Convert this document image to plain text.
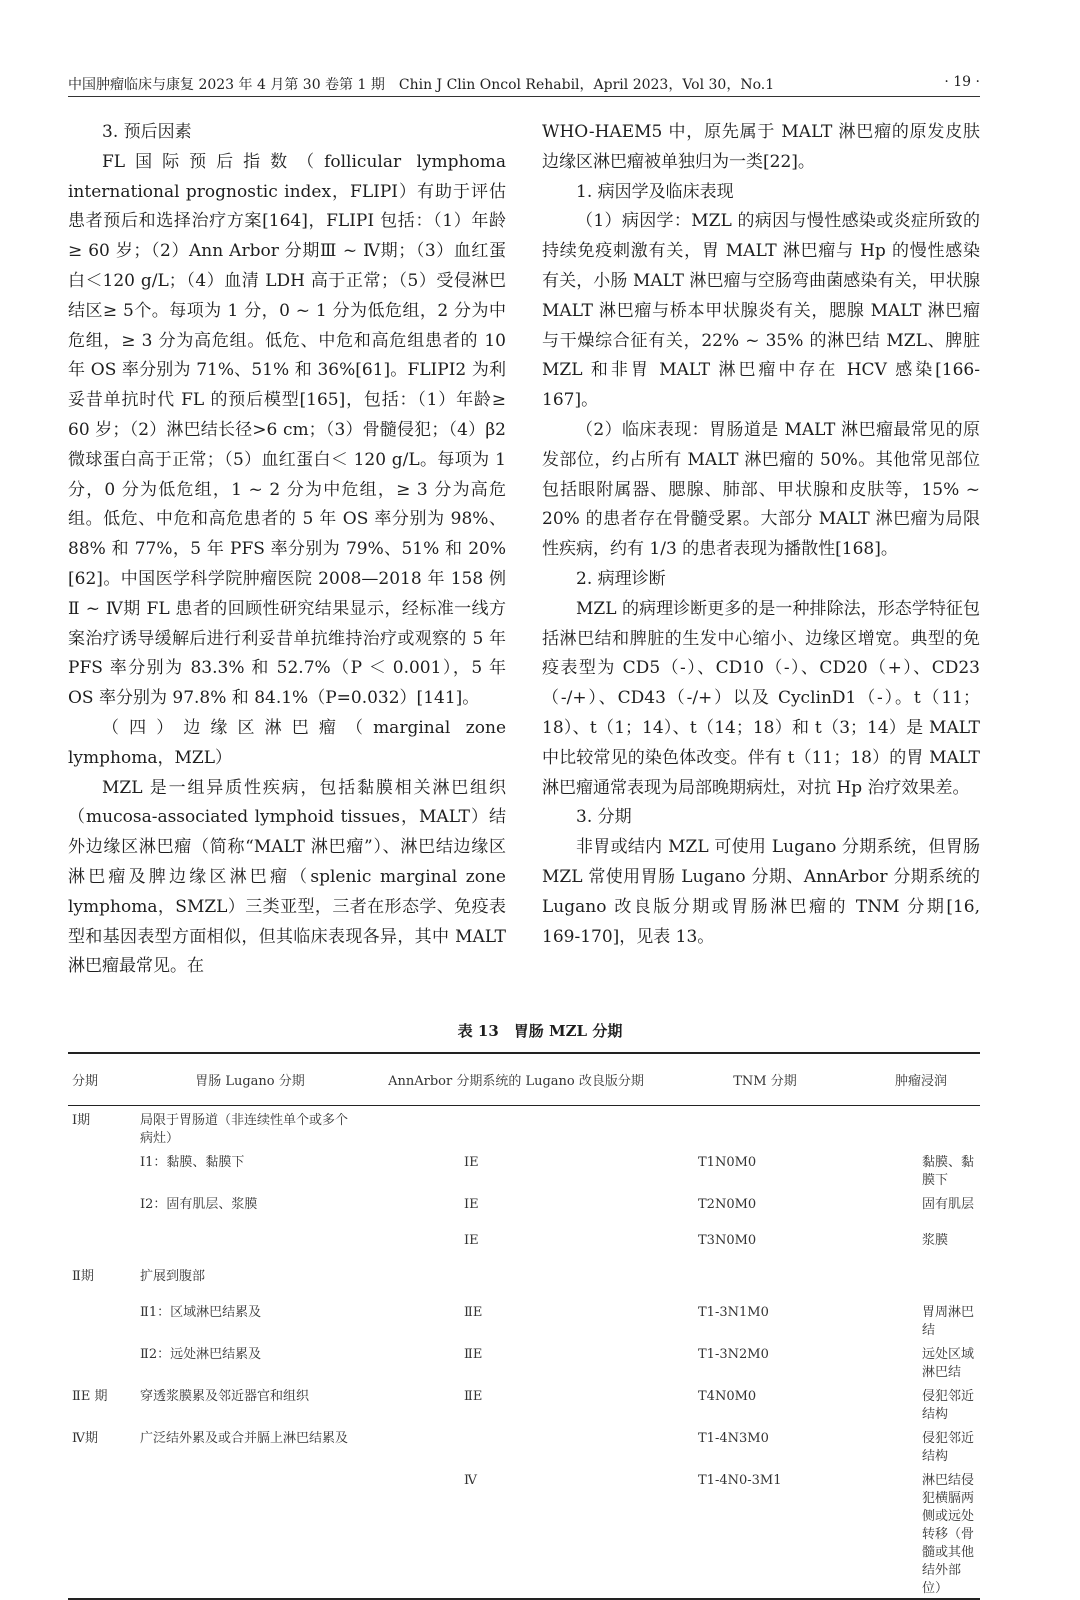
中国肿瘤临床与康复 2023 年 4 月第 30 卷第 1 期　Chin J Clin Oncol Rehabil，April 2023，Vol 30，No.1	· 19 ·

3. 预后因素

FL国际预后指数（follicular lymphoma international prognostic index，FLIPI）有助于评估患者预后和选择治疗方案[164]，FLIPI 包括：（1）年龄≥ 60 岁；（2）Ann Arbor 分期Ⅲ ~ Ⅳ期；（3）血红蛋白＜120 g/L；（4）血清 LDH 高于正常；（5）受侵淋巴结区≥ 5个。每项为 1 分，0 ~ 1 分为低危组，2 分为中危组，≥ 3 分为高危组。低危、中危和高危组患者的 10 年 OS 率分别为 71%、51% 和 36%[61]。FLIPI2 为利妥昔单抗时代 FL 的预后模型[165]，包括：（1）年龄≥ 60 岁；（2）淋巴结长径>6 cm；（3）骨髓侵犯；（4）β2 微球蛋白高于正常；（5）血红蛋白＜ 120 g/L。每项为 1 分，0 分为低危组，1 ~ 2 分为中危组，≥ 3 分为高危组。低危、中危和高危患者的 5 年 OS 率分别为 98%、88% 和 77%，5 年 PFS 率分别为 79%、51% 和 20%[62]。中国医学科学院肿瘤医院 2008—2018 年 158 例Ⅱ ~ Ⅳ期 FL 患者的回顾性研究结果显示，经标准一线方案治疗诱导缓解后进行利妥昔单抗维持治疗或观察的 5 年 PFS 率分别为 83.3% 和 52.7%（P ＜ 0.001），5 年 OS 率分别为 97.8% 和 84.1%（P=0.032）[141]。

（四）边缘区淋巴瘤（marginal zone lymphoma，MZL）

MZL 是一组异质性疾病，包括黏膜相关淋巴组织（mucosa-associated lymphoid tissues，MALT）结外边缘区淋巴瘤（简称“MALT 淋巴瘤”）、淋巴结边缘区淋巴瘤及脾边缘区淋巴瘤（splenic marginal zone lymphoma，SMZL）三类亚型，三者在形态学、免疫表型和基因表型方面相似，但其临床表现各异，其中 MALT 淋巴瘤最常见。在

WHO-HAEM5 中，原先属于 MALT 淋巴瘤的原发皮肤边缘区淋巴瘤被单独归为一类[22]。

1. 病因学及临床表现

（1）病因学：MZL 的病因与慢性感染或炎症所致的持续免疫刺激有关，胃 MALT 淋巴瘤与 Hp 的慢性感染有关，小肠 MALT 淋巴瘤与空肠弯曲菌感染有关，甲状腺 MALT 淋巴瘤与桥本甲状腺炎有关，腮腺 MALT 淋巴瘤与干燥综合征有关，22% ~ 35% 的淋巴结 MZL、脾脏 MZL 和非胃 MALT 淋巴瘤中存在 HCV 感染[166-167]。

（2）临床表现：胃肠道是 MALT 淋巴瘤最常见的原发部位，约占所有 MALT 淋巴瘤的 50%。其他常见部位包括眼附属器、腮腺、肺部、甲状腺和皮肤等，15% ~ 20% 的患者存在骨髓受累。大部分 MALT 淋巴瘤为局限性疾病，约有 1/3 的患者表现为播散性[168]。

2. 病理诊断

MZL 的病理诊断更多的是一种排除法，形态学特征包括淋巴结和脾脏的生发中心缩小、边缘区增宽。典型的免疫表型为 CD5（-）、CD10（-）、CD20（+）、CD23（-/+）、CD43（-/+）以及 CyclinD1（-）。t（11；18）、t（1；14）、t（14；18）和 t（3；14）是 MALT 中比较常见的染色体改变。伴有 t（11；18）的胃 MALT 淋巴瘤通常表现为局部晚期病灶，对抗 Hp 治疗效果差。

3. 分期

非胃或结内 MZL 可使用 Lugano 分期系统，但胃肠 MZL 常使用胃肠 Lugano 分期、AnnArbor 分期系统的 Lugano 改良版分期或胃肠淋巴瘤的 TNM 分期[16, 169-170]，见表 13。

表 13　胃肠 MZL 分期
分期	胃肠 Lugano 分期	AnnArbor 分期系统的 Lugano 改良版分期	TNM 分期	肿瘤浸润
Ⅰ期	局限于胃肠道（非连续性单个或多个病灶）			
	Ⅰ1：黏膜、黏膜下	ⅠE	T1N0M0	黏膜、黏膜下
	Ⅰ2：固有肌层、浆膜	ⅠE	T2N0M0	固有肌层
		ⅠE	T3N0M0	浆膜
Ⅱ期	扩展到腹部			
	Ⅱ1：区域淋巴结累及	ⅡE	T1-3N1M0	胃周淋巴结
	Ⅱ2：远处淋巴结累及	ⅡE	T1-3N2M0	远处区域淋巴结
ⅡE 期	穿透浆膜累及邻近器官和组织	ⅡE	T4N0M0	侵犯邻近结构
Ⅳ期	广泛结外累及或合并膈上淋巴结累及		T1-4N3M0	侵犯邻近结构
		Ⅳ	T1-4N0-3M1	淋巴结侵犯横膈两侧或远处转移（骨髓或其他结外部位）
